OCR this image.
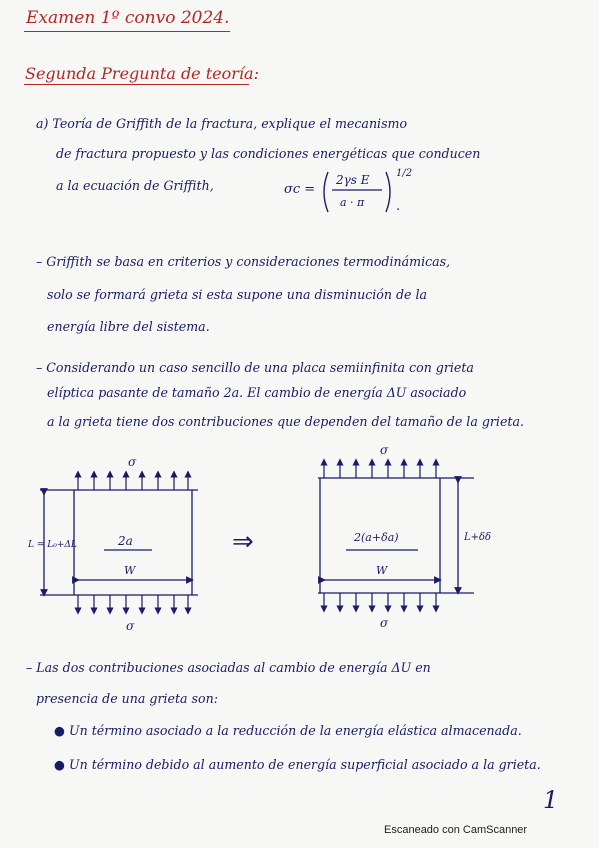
Examen 1º convo 2024.
Segunda Pregunta de teoría:
a) Teoría de Griffith de la fractura, explique el mecanismo
de fractura propuesto y las condiciones energéticas que conducen
a la ecuación de Griffith,	σc =
2γs E
a · π
1/2
.
– Griffith se basa en criterios y consideraciones termodinámicas,
solo se formará grieta si esta supone una disminución de la
energía libre del sistema.
– Considerando un caso sencillo de una placa semiinfinita con grieta
elíptica pasante de tamaño 2a. El cambio de energía ΔU asociado
a la grieta tiene dos contribuciones que dependen del tamaño de la grieta.
σ
σ
L = L₀+ΔL	2a
W
⇒
σ
σ
2(a+δa)	L+δδ
W
– Las dos contribuciones asociadas al cambio de energía ΔU en
presencia de una grieta son:
● Un término asociado a la reducción de la energía elástica almacenada.
● Un término debido al aumento de energía superficial asociado a la grieta.
1
Escaneado con CamScanner
